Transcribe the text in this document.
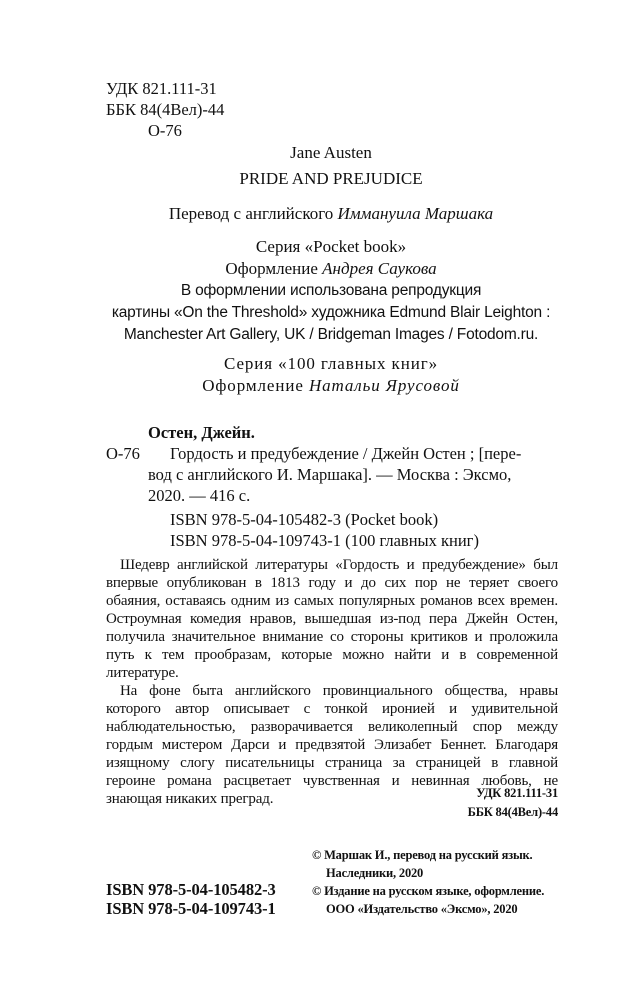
УДК 821.111-31
ББК 84(4Вел)-44
О-76
Jane Austen
PRIDE AND PREJUDICE
Перевод с английского Иммануила Маршака
Серия «Pocket book»
Оформление Андрея Саукова
В оформлении использована репродукция
картины «On the Threshold» художника Edmund Blair Leighton :
Manchester Art Gallery, UK / Bridgeman Images / Fotodom.ru.
Серия «100 главных книг»
Оформление Натальи Ярусовой
Остен, Джейн.
О-76 Гордость и предубеждение / Джейн Остен ; [пере-
вод с английского И. Маршака]. — Москва : Эксмо,
2020. — 416 с.
ISBN 978-5-04-105482-3 (Pocket book)
ISBN 978-5-04-109743-1 (100 главных книг)
Шедевр английской литературы «Гордость и предубеждение» был впервые опубликован в 1813 году и до сих пор не теряет своего обаяния, оставаясь одним из самых популярных романов всех времен. Остроумная комедия нравов, вышедшая из-под пера Джейн Остен, получила значительное внимание со стороны критиков и проложила путь к тем прообразам, которые можно найти и в современной литературе.
На фоне быта английского провинциального общества, нравы которого автор описывает с тонкой иронией и удивительной наблюдательностью, разворачивается великолепный спор между гордым мистером Дарси и предвзятой Элизабет Беннет. Благодаря изящному слогу писательницы страница за страницей в главной героине романа расцветает чувственная и невинная любовь, не знающая никаких преград.	УДК 821.111-31
ББК 84(4Вел)-44
© Маршак И., перевод на русский язык.
Наследники, 2020
© Издание на русском языке, оформление.
ООО «Издательство «Эксмо», 2020
ISBN 978-5-04-105482-3
ISBN 978-5-04-109743-1
